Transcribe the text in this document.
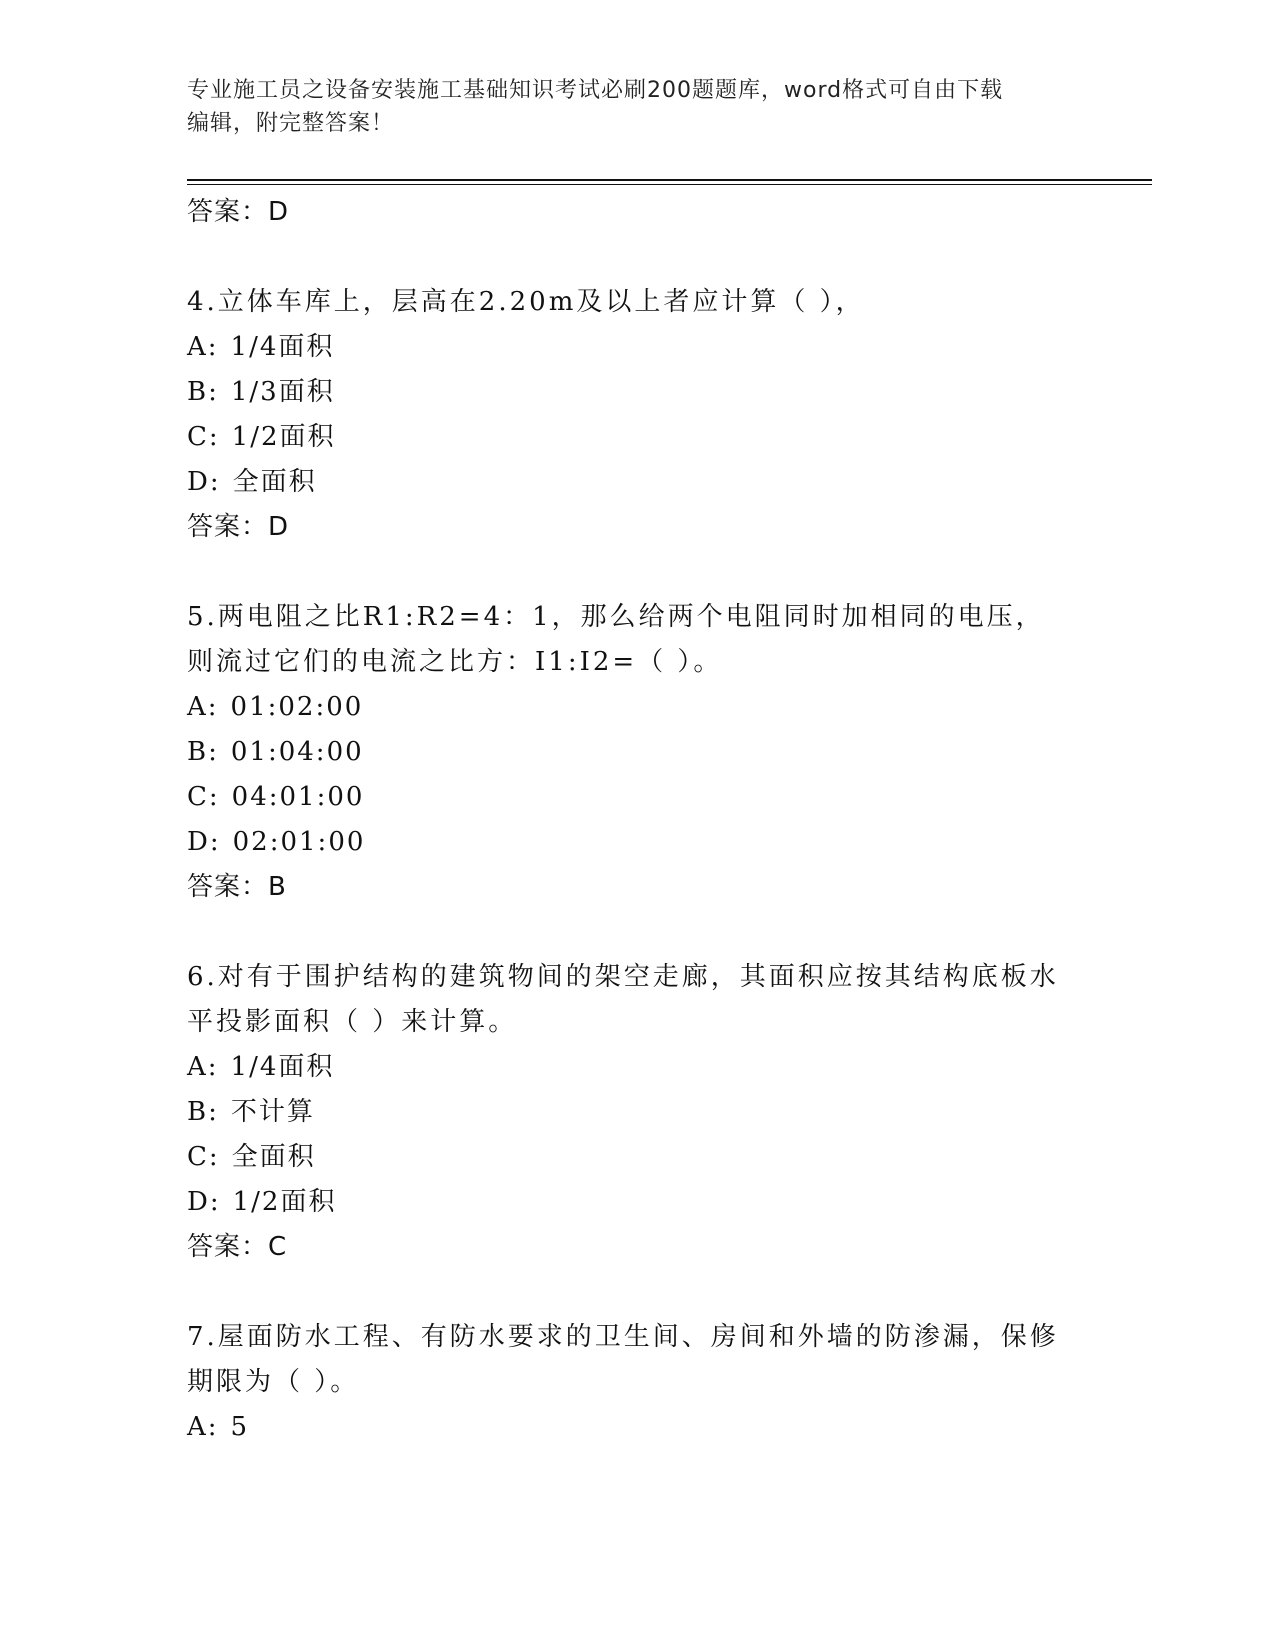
专业施工员之设备安装施工基础知识考试必刷200题题库，word格式可自由下载
编辑，附完整答案！
答案：D

4.立体车库上，层高在2.20m及以上者应计算（ ），

A: 1/4面积
B: 1/3面积
C: 1/2面积
D: 全面积
答案：D

5.两电阻之比R1:R2=4：1，那么给两个电阻同时加相同的电压，则流过它们的电流之比方：I1:I2=（ ）。

A: 01:02:00
B: 01:04:00
C: 04:01:00
D: 02:01:00
答案：B

6.对有于围护结构的建筑物间的架空走廊，其面积应按其结构底板水平投影面积（ ）来计算。

A: 1/4面积
B: 不计算
C: 全面积
D: 1/2面积
答案：C

7.屋面防水工程、有防水要求的卫生间、房间和外墙的防渗漏，保修期限为（ ）。

A: 5
